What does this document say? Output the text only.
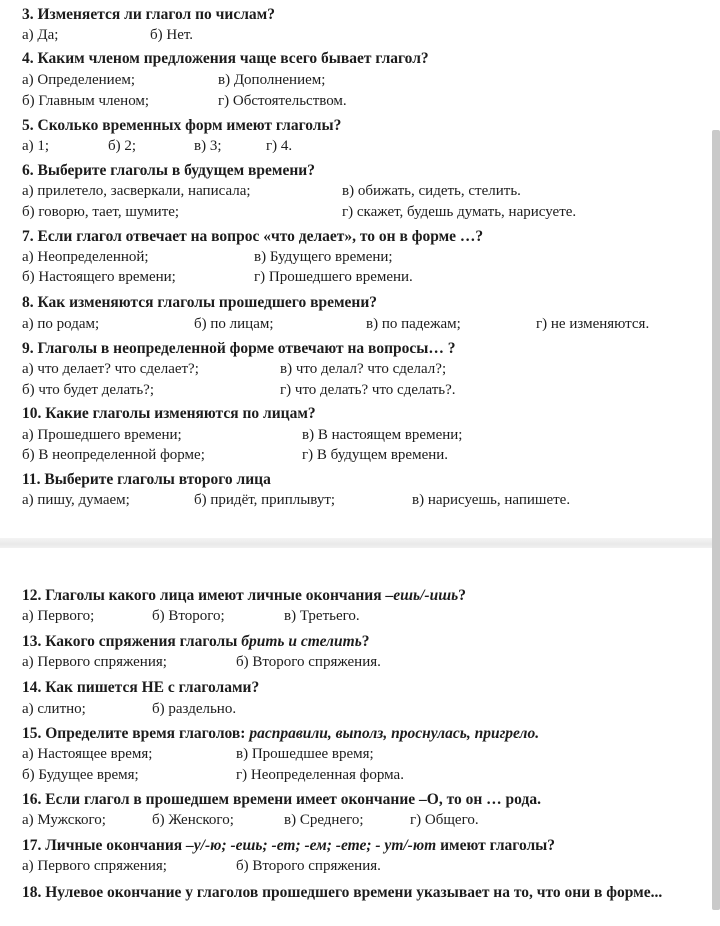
3. Изменяется ли глагол по числам?
а) Да;	б) Нет.
4. Каким членом предложения чаще всего бывает глагол?
а) Определением;	в) Дополнением;
б) Главным членом;	г) Обстоятельством.
5. Сколько временных форм имеют глаголы?
а) 1;	б) 2;	в) 3;	г) 4.
6. Выберите глаголы в будущем времени?
а) прилетело, засверкали, написала;	в) обижать, сидеть, стелить.
б) говорю, тает, шумите;	г) скажет, будешь думать, нарисуете.
7. Если глагол отвечает на вопрос «что делает», то он в форме …?
а) Неопределенной;	в) Будущего времени;
б) Настоящего времени;	г) Прошедшего времени.
8. Как изменяются глаголы прошедшего времени?
а) по родам;	б) по лицам;	в) по падежам;	г) не изменяются.
9. Глаголы в неопределенной форме отвечают на вопросы… ?
а) что делает? что сделает?;	в) что делал? что сделал?;
б) что будет делать?;	г) что делать? что сделать?.
10. Какие глаголы изменяются по лицам?
а) Прошедшего времени;	в) В настоящем времени;
б) В неопределенной форме;	г) В будущем времени.
11. Выберите глаголы второго лица
а) пишу, думаем;	б) придёт, приплывут;	в) нарисуешь, напишете.
12. Глаголы какого лица имеют личные окончания –ешь/-ишь?
а) Первого;	б) Второго;	в) Третьего.
13. Какого спряжения глаголы брить и стелить?
а) Первого спряжения;	б) Второго спряжения.
14. Как пишется НЕ с глаголами?
а) слитно;	б) раздельно.
15. Определите время глаголов: расправили, выполз, проснулась, пригрело.
а) Настоящее время;	в) Прошедшее время;
б) Будущее время;	г) Неопределенная форма.
16. Если глагол в прошедшем времени имеет окончание –О, то он … рода.
а) Мужского;	б) Женского;	в) Среднего;	г) Общего.
17. Личные окончания –у/-ю; -ешь; -ет; -ем; -ете; - ут/-ют имеют глаголы?
а) Первого спряжения;	б) Второго спряжения.
18. Нулевое окончание у глаголов прошедшего времени указывает на то, что они в форме...
